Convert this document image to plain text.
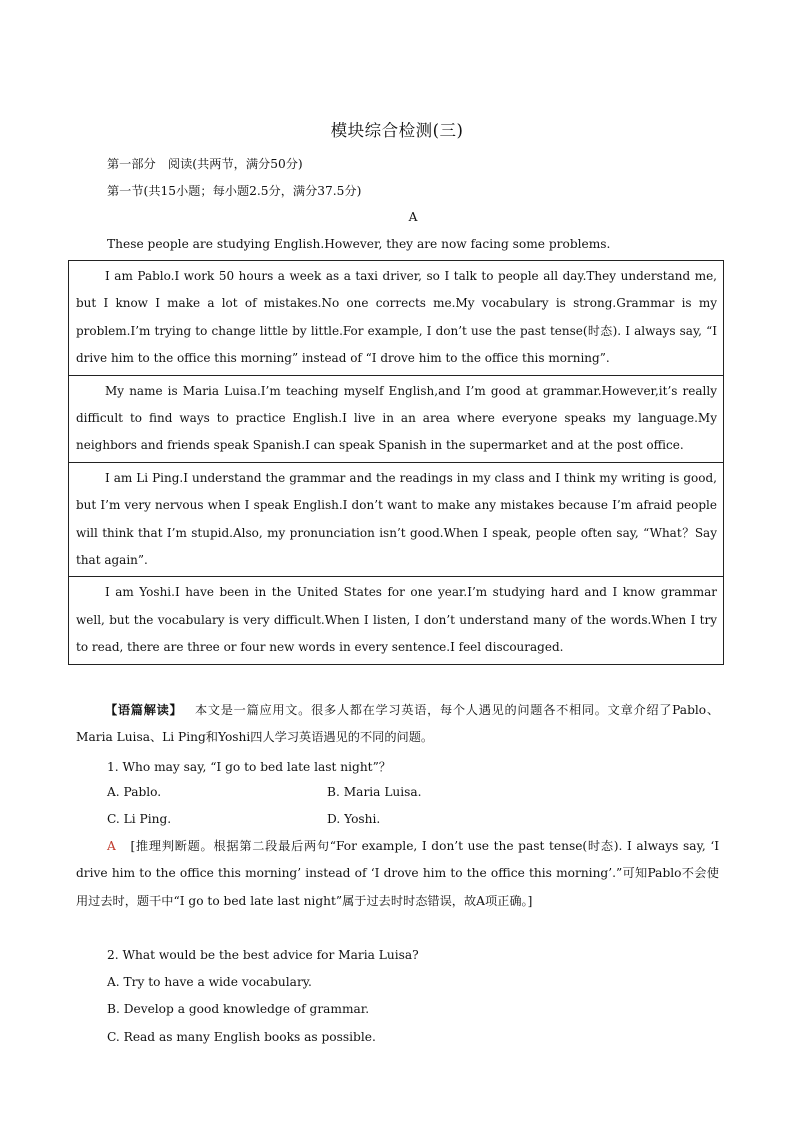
模块综合检测(三)
第一部分　阅读(共两节，满分50分)
第一节(共15小题；每小题2.5分，满分37.5分)
A
These people are studying English.However, they are now facing some problems.

I am Pablo.I work 50 hours a week as a taxi driver, so I talk to people all day.They understand me, but I know I make a lot of mistakes.No one corrects me.My vocabulary is strong.Grammar is my problem.I’m trying to change little by little.For example, I don’t use the past tense(时态). I always say, “I drive him to the office this morning” instead of “I drove him to the office this morning”.

My name is Maria Luisa.I’m teaching myself English,and I’m good at grammar.However,it’s really difficult to find ways to practice English.I live in an area where everyone speaks my language.My neighbors and friends speak Spanish.I can speak Spanish in the supermarket and at the post office.

I am Li Ping.I understand the grammar and the readings in my class and I think my writing is good, but I’m very nervous when I speak English.I don’t want to make any mistakes because I’m afraid people will think that I’m stupid.Also, my pronunciation isn’t good.When I speak, people often say, “What？Say that again”.

I am Yoshi.I have been in the United States for one year.I’m studying hard and I know grammar well, but the vocabulary is very difficult.When I listen, I don’t understand many of the words.When I try to read, there are three or four new words in every sentence.I feel discouraged.

【语篇解读】 本文是一篇应用文。很多人都在学习英语，每个人遇见的问题各不相同。文章介绍了Pablo、Maria Luisa、Li Ping和Yoshi四人学习英语遇见的不同的问题。

1. Who may say, “I go to bed late last night”？
A. Pablo.	B. Maria Luisa.
C. Li Ping.	D. Yoshi.

A [推理判断题。根据第二段最后两句“For example, I don’t use the past tense(时态). I always say, ‘I drive him to the office this morning’ instead of ‘I drove him to the office this morning’.”可知Pablo不会使用过去时，题干中“I go to bed late last night”属于过去时时态错误，故A项正确。]

2. What would be the best advice for Maria Luisa?
A. Try to have a wide vocabulary.
B. Develop a good knowledge of grammar.
C. Read as many English books as possible.
